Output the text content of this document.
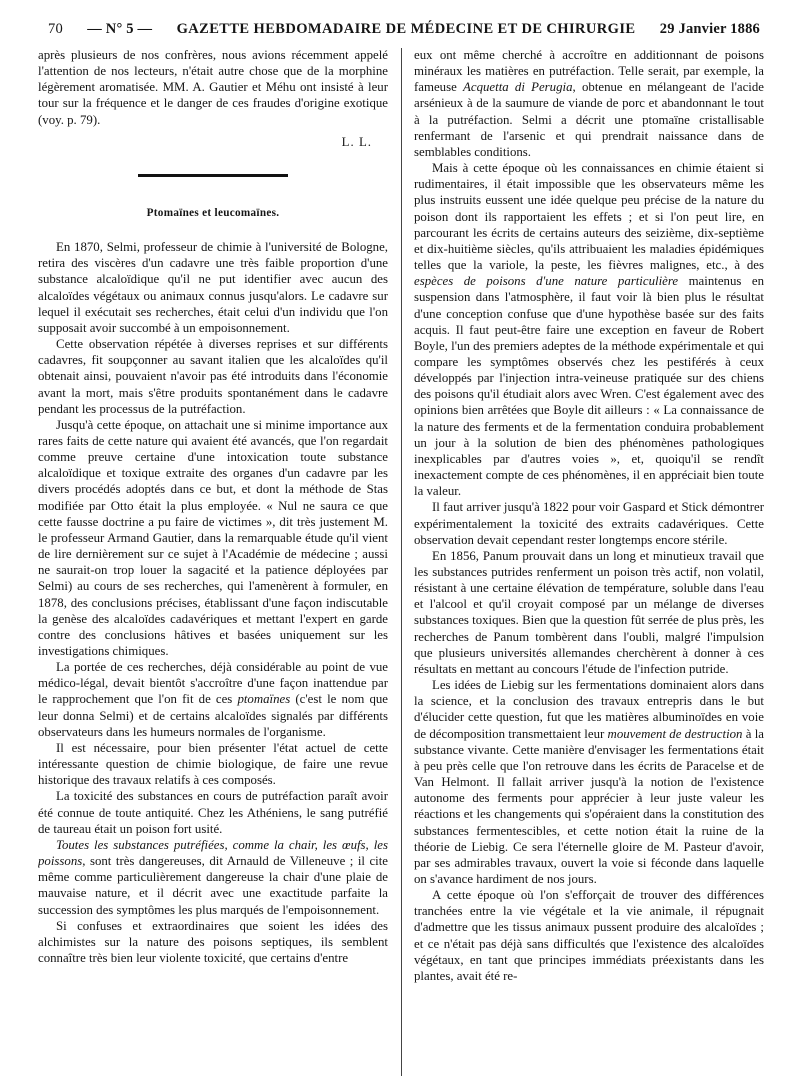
70 — N° 5 — GAZETTE HEBDOMADAIRE DE MÉDECINE ET DE CHIRURGIE 29 Janvier 1886

après plusieurs de nos confrères, nous avions récemment appelé l'attention de nos lecteurs, n'était autre chose que de la morphine légèrement aromatisée. MM. A. Gautier et Méhu ont insisté à leur tour sur la fréquence et le danger de ces fraudes d'origine exotique (voy. p. 79).

L. L.

Ptomaïnes et leucomaïnes.

En 1870, Selmi, professeur de chimie à l'université de Bologne, retira des viscères d'un cadavre une très faible proportion d'une substance alcaloïdique qu'il ne put identifier avec aucun des alcaloïdes végétaux ou animaux connus jusqu'alors. Le cadavre sur lequel il exécutait ses recherches, était celui d'un individu que l'on supposait avoir succombé à un empoisonnement.

Cette observation répétée à diverses reprises et sur différents cadavres, fit soupçonner au savant italien que les alcaloïdes qu'il obtenait ainsi, pouvaient n'avoir pas été introduits dans l'économie avant la mort, mais s'être produits spontanément dans le cadavre pendant les processus de la putréfaction.

Jusqu'à cette époque, on attachait une si minime importance aux rares faits de cette nature qui avaient été avancés, que l'on regardait comme preuve certaine d'une intoxication toute substance alcaloïdique et toxique extraite des organes d'un cadavre par les divers procédés adoptés dans ce but, et dont la méthode de Stas modifiée par Otto était la plus employée. « Nul ne saura ce que cette fausse doctrine a pu faire de victimes », dit très justement M. le professeur Armand Gautier, dans la remarquable étude qu'il vient de lire dernièrement sur ce sujet à l'Académie de médecine ; aussi ne saurait-on trop louer la sagacité et la patience déployées par Selmi) au cours de ses recherches, qui l'amenèrent à formuler, en 1878, des conclusions précises, établissant d'une façon indiscutable la genèse des alcaloïdes cadavériques et mettant l'expert en garde contre des conclusions hâtives et basées uniquement sur les investigations chimiques.

La portée de ces recherches, déjà considérable au point de vue médico-légal, devait bientôt s'accroître d'une façon inattendue par le rapprochement que l'on fit de ces ptomaïnes (c'est le nom que leur donna Selmi) et de certains alcaloïdes signalés par différents observateurs dans les humeurs normales de l'organisme.

Il est nécessaire, pour bien présenter l'état actuel de cette intéressante question de chimie biologique, de faire une revue historique des travaux relatifs à ces composés.

La toxicité des substances en cours de putréfaction paraît avoir été connue de toute antiquité. Chez les Athéniens, le sang putréfié de taureau était un poison fort usité.

Toutes les substances putréfiées, comme la chair, les œufs, les poissons, sont très dangereuses, dit Arnauld de Villeneuve ; il cite même comme particulièrement dangereuse la chair d'une plaie de mauvaise nature, et il décrit avec une exactitude parfaite la succession des symptômes les plus marqués de l'empoisonnement.

Si confuses et extraordinaires que soient les idées des alchimistes sur la nature des poisons septiques, ils semblent connaître très bien leur violente toxicité, que certains d'entre

eux ont même cherché à accroître en additionnant de poisons minéraux les matières en putréfaction. Telle serait, par exemple, la fameuse Acquetta di Perugia, obtenue en mélangeant de l'acide arsénieux à de la saumure de viande de porc et abandonnant le tout à la putréfaction. Selmi a décrit une ptomaïne cristallisable renfermant de l'arsenic et qui prendrait naissance dans de semblables conditions.

Mais à cette époque où les connaissances en chimie étaient si rudimentaires, il était impossible que les observateurs même les plus instruits eussent une idée quelque peu précise de la nature du poison dont ils rapportaient les effets ; et si l'on peut lire, en parcourant les écrits de certains auteurs des seizième, dix-septième et dix-huitième siècles, qu'ils attribuaient les maladies épidémiques telles que la variole, la peste, les fièvres malignes, etc., à des espèces de poisons d'une nature particulière maintenus en suspension dans l'atmosphère, il faut voir là bien plus le résultat d'une conception confuse que d'une hypothèse basée sur des faits acquis. Il faut peut-être faire une exception en faveur de Robert Boyle, l'un des premiers adeptes de la méthode expérimentale et qui compare les symptômes observés chez les pestiférés à ceux développés par l'injection intra-veineuse pratiquée sur des chiens des poisons qu'il étudiait alors avec Wren. C'est également avec des opinions bien arrêtées que Boyle dit ailleurs : « La connaissance de la nature des ferments et de la fermentation conduira probablement un jour à la solution de bien des phénomènes pathologiques inexplicables par d'autres voies », et, quoiqu'il se rendît inexactement compte de ces phénomènes, il en appréciait bien toute la valeur.

Il faut arriver jusqu'à 1822 pour voir Gaspard et Stick démontrer expérimentalement la toxicité des extraits cadavériques. Cette observation devait cependant rester longtemps encore stérile.

En 1856, Panum prouvait dans un long et minutieux travail que les substances putrides renferment un poison très actif, non volatil, résistant à une certaine élévation de température, soluble dans l'eau et l'alcool et qu'il croyait composé par un mélange de diverses substances toxiques. Bien que la question fût serrée de plus près, les recherches de Panum tombèrent dans l'oubli, malgré l'impulsion que plusieurs universités allemandes cherchèrent à donner à ces résultats en mettant au concours l'étude de l'infection putride.

Les idées de Liebig sur les fermentations dominaient alors dans la science, et la conclusion des travaux entrepris dans le but d'élucider cette question, fut que les matières albuminoïdes en voie de décomposition transmettaient leur mouvement de destruction à la substance vivante. Cette manière d'envisager les fermentations était à peu près celle que l'on retrouve dans les écrits de Paracelse et de Van Helmont. Il fallait arriver jusqu'à la notion de l'existence autonome des ferments pour apprécier à leur juste valeur les réactions et les changements qui s'opéraient dans la constitution des substances fermentescibles, et cette notion était la ruine de la théorie de Liebig. Ce sera l'éternelle gloire de M. Pasteur d'avoir, par ses admirables travaux, ouvert la voie si féconde dans laquelle on s'avance hardiment de nos jours.

A cette époque où l'on s'efforçait de trouver des différences tranchées entre la vie végétale et la vie animale, il répugnait d'admettre que les tissus animaux pussent produire des alcaloïdes ; et ce n'était pas déjà sans difficultés que l'existence des alcaloïdes végétaux, en tant que principes immédiats préexistants dans les plantes, avait été re-
